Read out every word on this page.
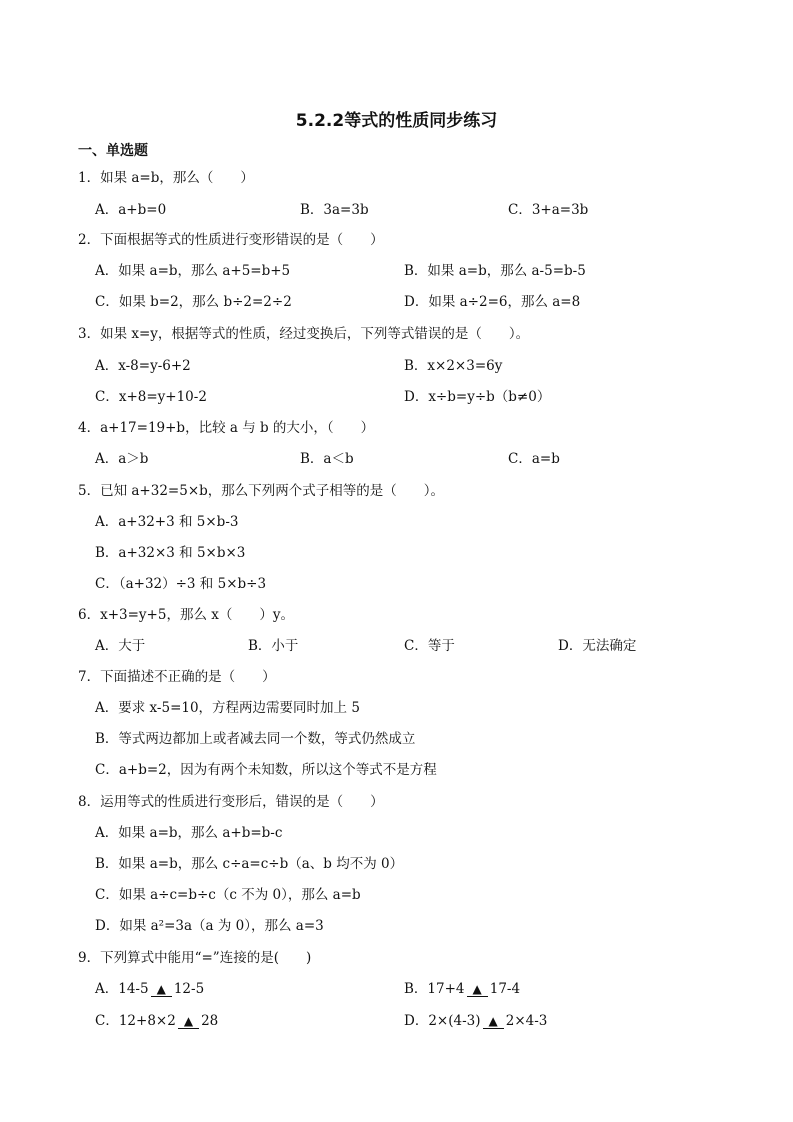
5.2.2等式的性质同步练习
一、单选题
1．如果 a=b，那么（　　）
A．a+b=0	B．3a=3b	C．3+a=3b
2．下面根据等式的性质进行变形错误的是（　　）
A．如果 a=b，那么 a+5=b+5	B．如果 a=b，那么 a-5=b-5
C．如果 b=2，那么 b÷2=2÷2	D．如果 a÷2=6，那么 a=8
3．如果 x=y，根据等式的性质，经过变换后，下列等式错误的是（　　）。
A．x-8=y-6+2	B．x×2×3=6y
C．x+8=y+10-2	D．x÷b=y÷b（b≠0）
4．a+17=19+b，比较 a 与 b 的大小，（　　）
A．a＞b	B．a＜b	C．a=b
5．已知 a+32=5×b，那么下列两个式子相等的是（　　）。
A．a+32+3 和 5×b-3
B．a+32×3 和 5×b×3
C．（a+32）÷3 和 5×b÷3
6．x+3=y+5，那么 x（　　）y。
A．大于	B．小于	C．等于	D．无法确定
7．下面描述不正确的是（　　）
A．要求 x-5=10，方程两边需要同时加上 5
B．等式两边都加上或者减去同一个数，等式仍然成立
C．a+b=2，因为有两个未知数，所以这个等式不是方程
8．运用等式的性质进行变形后，错误的是（　　）
A．如果 a=b，那么 a+b=b-c
B．如果 a=b，那么 c÷a=c÷b（a、b 均不为 0）
C．如果 a÷c=b÷c（c 不为 0），那么 a=b
D．如果 a²=3a（a 为 0），那么 a=3
9．下列算式中能用“=”连接的是(　　)
A．14-5 ▲ 12-5	B．17+4 ▲ 17-4
C．12+8×2 ▲ 28	D．2×(4-3) ▲ 2×4-3
